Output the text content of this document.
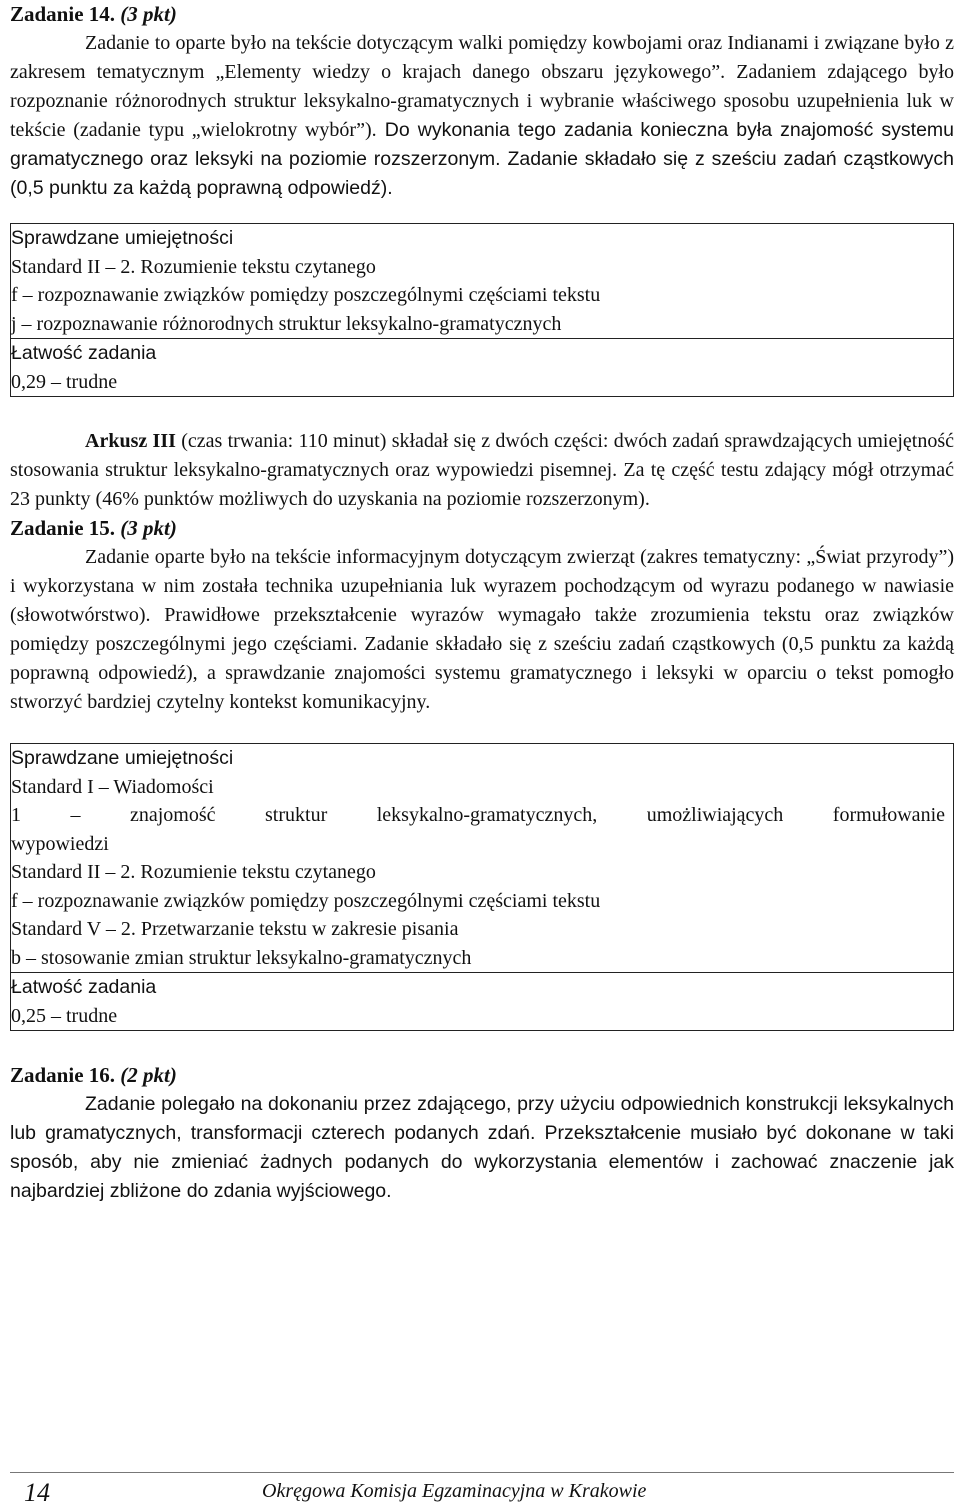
Zadanie 14. (3 pkt)

Zadanie to oparte było na tekście dotyczącym walki pomiędzy kowbojami oraz Indianami i związane było z zakresem tematycznym „Elementy wiedzy o krajach danego obszaru językowego”. Zadaniem zdającego było rozpoznanie różnorodnych struktur leksykalno-gramatycznych i wybranie właściwego sposobu uzupełnienia luk w tekście (zadanie typu „wielokrotny wybór”). Do wykonania tego zadania konieczna była znajomość systemu gramatycznego oraz leksyki na poziomie rozszerzonym. Zadanie składało się z sześciu zadań cząstkowych (0,5 punktu za każdą poprawną odpowiedź).

Sprawdzane umiejętności

Standard II – 2. Rozumienie tekstu czytanego

f – rozpoznawanie związków pomiędzy poszczególnymi częściami tekstu

j – rozpoznawanie różnorodnych struktur leksykalno-gramatycznych

Łatwość zadania

0,29 – trudne

Arkusz III (czas trwania: 110 minut) składał się z dwóch części: dwóch zadań sprawdzających umiejętność stosowania struktur leksykalno-gramatycznych oraz wypowiedzi pisemnej. Za tę część testu zdający mógł otrzymać 23 punkty (46% punktów możliwych do uzyskania na poziomie rozszerzonym).

Zadanie 15. (3 pkt)

Zadanie oparte było na tekście informacyjnym dotyczącym zwierząt (zakres tematyczny: „Świat przyrody”) i wykorzystana w nim została technika uzupełniania luk wyrazem pochodzącym od wyrazu podanego w nawiasie (słowotwórstwo). Prawidłowe przekształcenie wyrazów wymagało także zrozumienia tekstu oraz związków pomiędzy poszczególnymi jego częściami. Zadanie składało się z sześciu zadań cząstkowych (0,5 punktu za każdą poprawną odpowiedź), a sprawdzanie znajomości systemu gramatycznego i leksyki w oparciu o tekst pomogło stworzyć bardziej czytelny kontekst komunikacyjny.

Sprawdzane umiejętności

Standard I – Wiadomości

1 – znajomość struktur leksykalno-gramatycznych, umożliwiających formułowanie

wypowiedzi

Standard II – 2. Rozumienie tekstu czytanego

f – rozpoznawanie związków pomiędzy poszczególnymi częściami tekstu

Standard V – 2. Przetwarzanie tekstu w zakresie pisania

b – stosowanie zmian struktur leksykalno-gramatycznych

Łatwość zadania

0,25 – trudne

Zadanie 16. (2 pkt)

Zadanie polegało na dokonaniu przez zdającego, przy użyciu odpowiednich konstrukcji leksykalnych lub gramatycznych, transformacji czterech podanych zdań. Przekształcenie musiało być dokonane w taki sposób, aby nie zmieniać żadnych podanych do wykorzystania elementów i zachować znaczenie jak najbardziej zbliżone do zdania wyjściowego.

14	Okręgowa Komisja Egzaminacyjna w Krakowie
